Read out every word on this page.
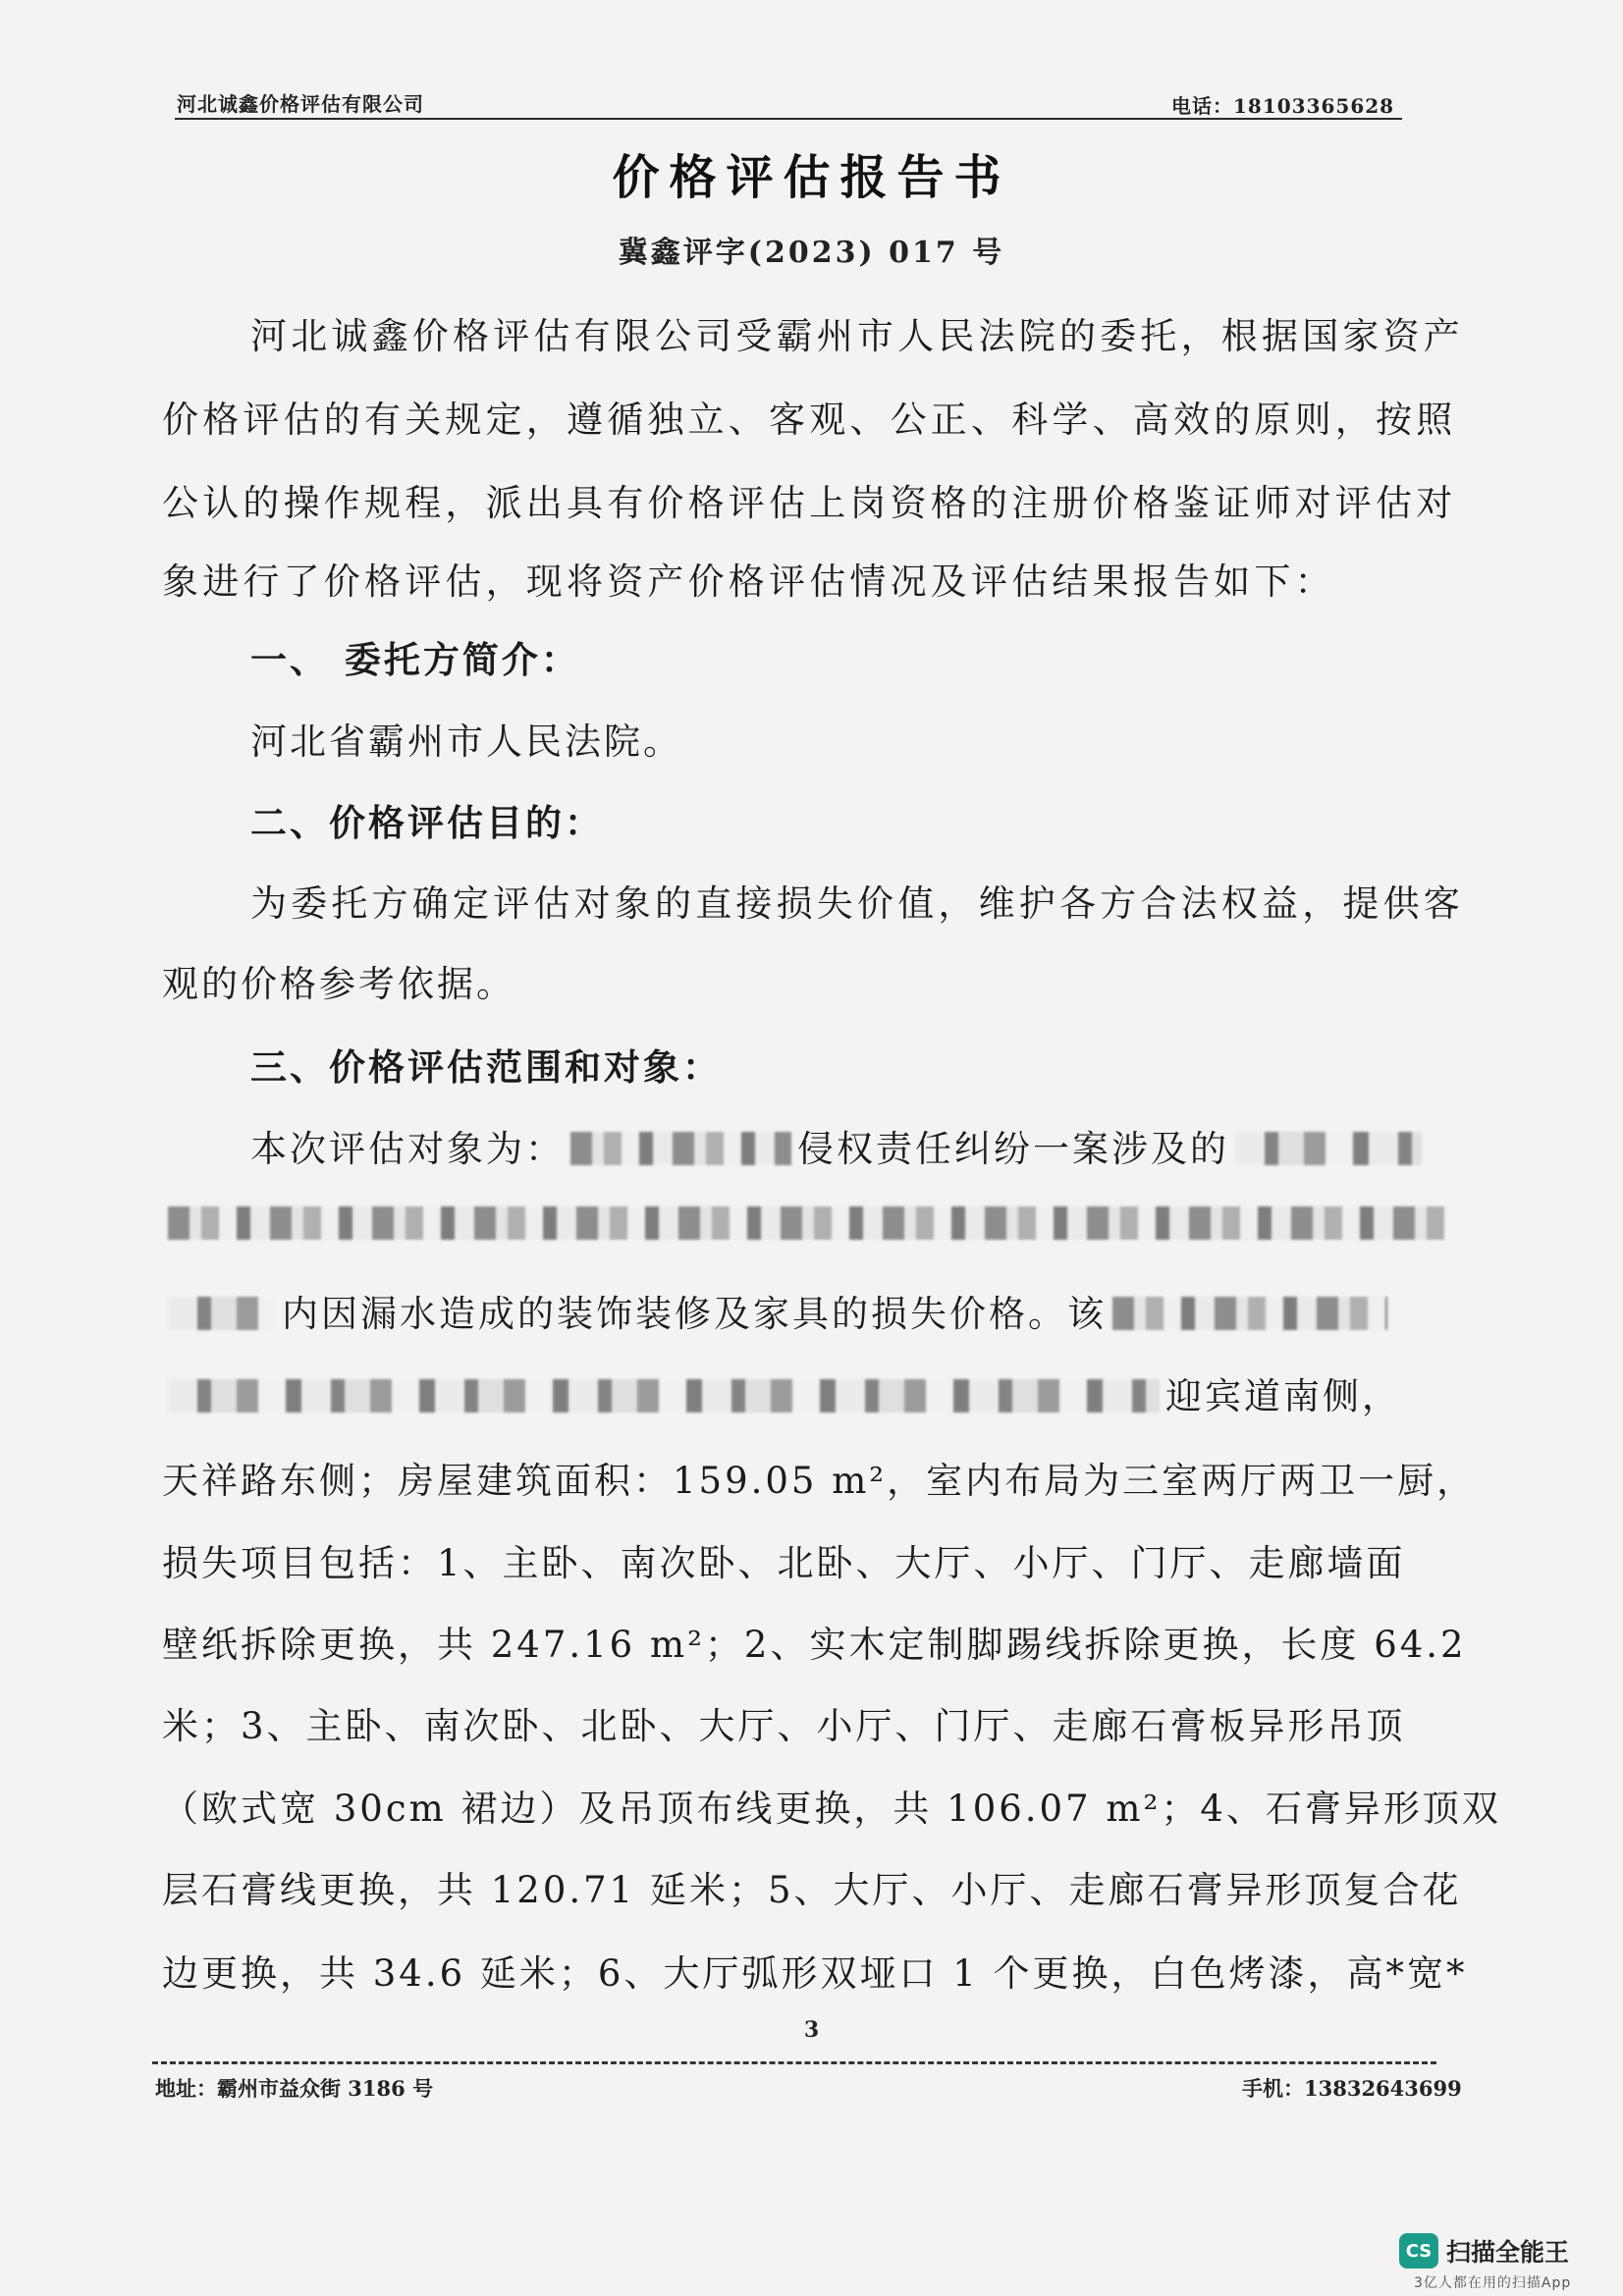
河北诚鑫价格评估有限公司	电话：18103365628
价格评估报告书
冀鑫评字(2023) 017 号
河北诚鑫价格评估有限公司受霸州市人民法院的委托，根据国家资产
价格评估的有关规定，遵循独立、客观、公正、科学、高效的原则，按照
公认的操作规程，派出具有价格评估上岗资格的注册价格鉴证师对评估对
象进行了价格评估，现将资产价格评估情况及评估结果报告如下：
一、 委托方简介：
河北省霸州市人民法院。
二、价格评估目的：
为委托方确定评估对象的直接损失价值，维护各方合法权益，提供客
观的价格参考依据。
三、价格评估范围和对象：
本次评估对象为：	侵权责任纠纷一案涉及的
内因漏水造成的装饰装修及家具的损失价格。该
迎宾道南侧，
天祥路东侧；房屋建筑面积：159.05 m²，室内布局为三室两厅两卫一厨，
损失项目包括：1、主卧、南次卧、北卧、大厅、小厅、门厅、走廊墙面
壁纸拆除更换，共 247.16 m²；2、实木定制脚踢线拆除更换，长度 64.2
米；3、主卧、南次卧、北卧、大厅、小厅、门厅、走廊石膏板异形吊顶
（欧式宽 30cm 裙边）及吊顶布线更换，共 106.07 m²；4、石膏异形顶双
层石膏线更换，共 120.71 延米；5、大厅、小厅、走廊石膏异形顶复合花
边更换，共 34.6 延米；6、大厅弧形双垭口 1 个更换，白色烤漆，高*宽*
3
地址：霸州市益众街 3186 号	手机：13832643699
CS 扫描全能王
3亿人都在用的扫描App
